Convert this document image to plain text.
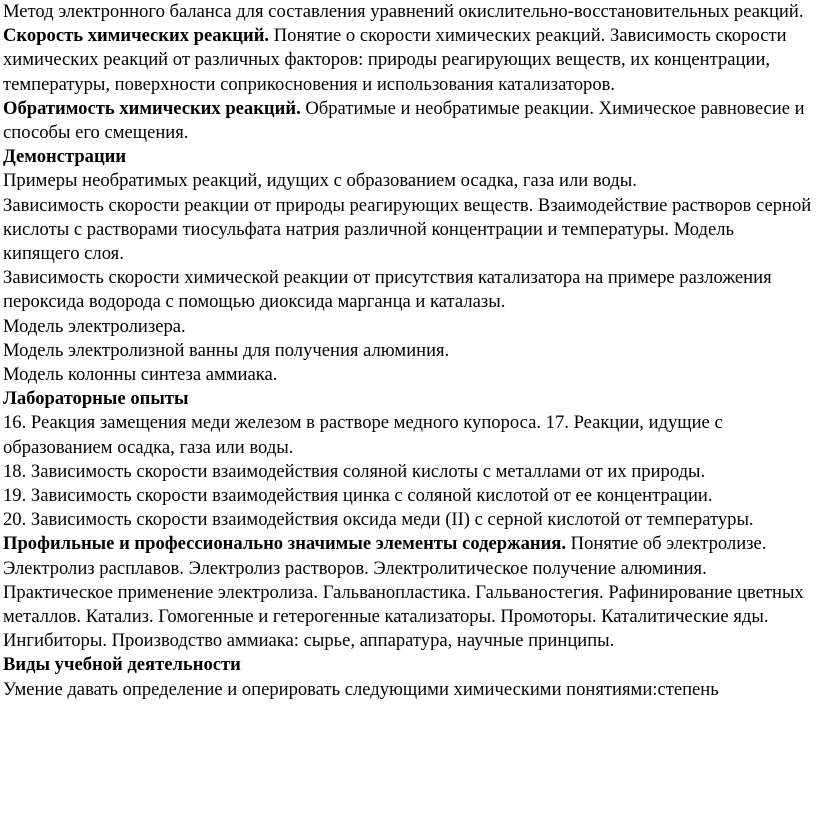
Метод электронного баланса для составления уравнений окислительно-восстановительных реакций.

Скорость химических реакций. Понятие о скорости химических реакций. Зависимость скорости химических реакций от различных факторов: природы реагирующих веществ, их концентрации, температуры, поверхности соприкосновения и использования катализаторов.

Обратимость химических реакций. Обратимые и необратимые реакции. Химическое равновесие и способы его смещения.

Демонстрации

Примеры необратимых реакций, идущих с образованием осадка, газа или воды.

Зависимость скорости реакции от природы реагирующих веществ. Взаимодействие растворов серной кислоты с растворами тиосульфата натрия различной концентрации и температуры. Модель кипящего слоя.

Зависимость скорости химической реакции от присутствия катализатора на примере разложения пероксида водорода с помощью диоксида марганца и каталазы.

Модель электролизера.

Модель электролизной ванны для получения алюминия.

Модель колонны синтеза аммиака.

Лабораторные опыты

16. Реакция замещения меди железом в растворе медного купороса. 17. Реакции, идущие с образованием осадка, газа или воды.

18. Зависимость скорости взаимодействия соляной кислоты с металлами от их природы.

19. Зависимость скорости взаимодействия цинка с соляной кислотой от ее концентрации.

20. Зависимость скорости взаимодействия оксида меди (II) с серной кислотой от температуры.

Профильные и профессионально значимые элементы содержания. Понятие об электролизе. Электролиз расплавов. Электролиз растворов. Электролитическое получение алюминия. Практическое применение электролиза. Гальванопластика. Гальваностегия. Рафинирование цветных металлов. Катализ. Гомогенные и гетерогенные катализаторы. Промоторы. Каталитические яды. Ингибиторы. Производство аммиака: сырье, аппаратура, научные принципы.

Виды учебной деятельности

Умение давать определение и оперировать следующими химическими понятиями:степень
